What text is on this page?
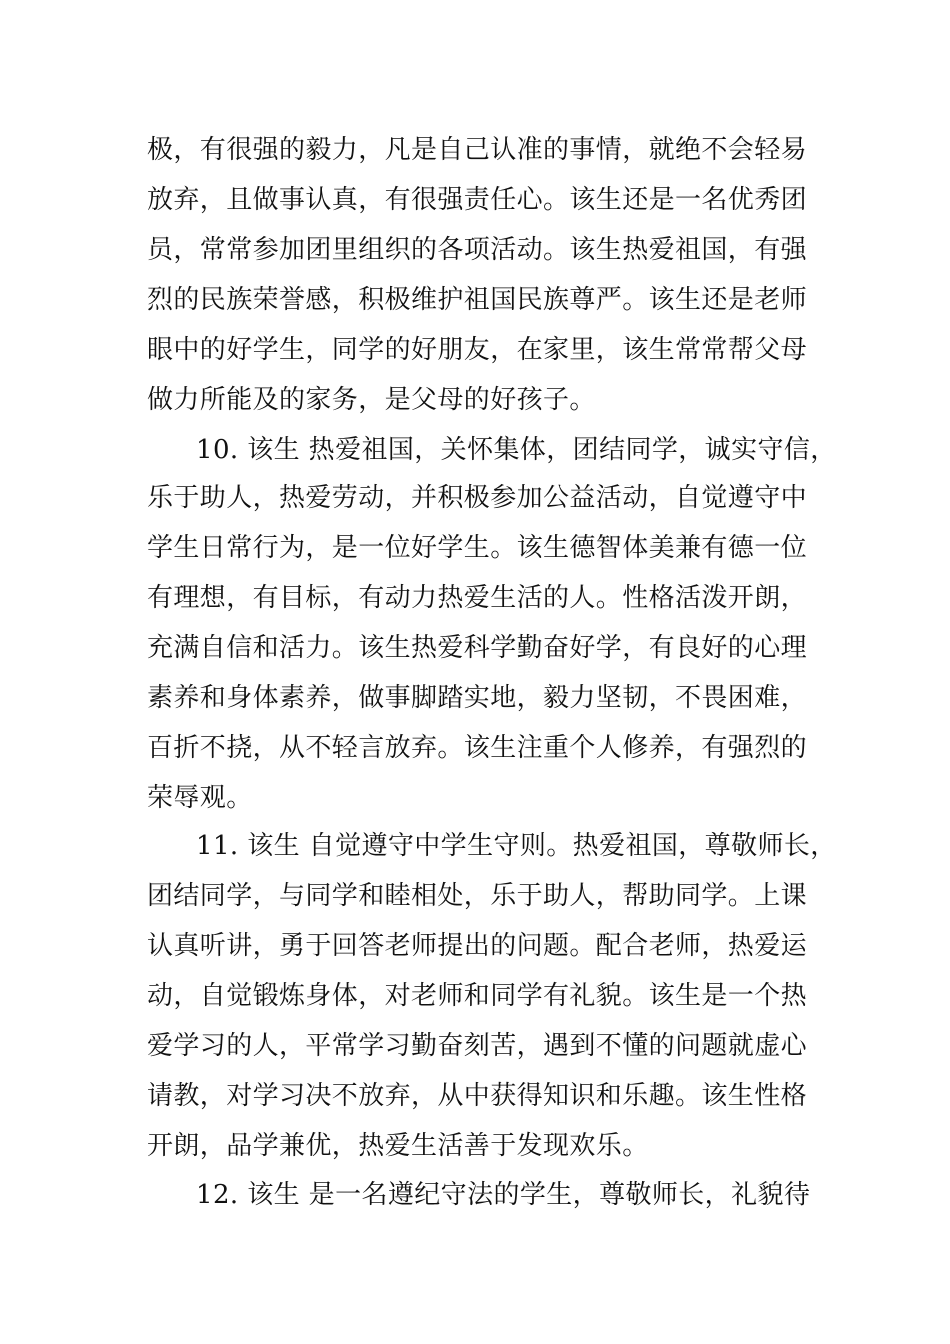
极，有很强的毅力，凡是自己认准的事情，就绝不会轻易

放弃，且做事认真，有很强责任心。该生还是一名优秀团

员，常常参加团里组织的各项活动。该生热爱祖国，有强

烈的民族荣誉感，积极维护祖国民族尊严。该生还是老师

眼中的好学生，同学的好朋友，在家里，该生常常帮父母

做力所能及的家务，是父母的好孩子。

10. 该生 热爱祖国，关怀集体，团结同学，诚实守信，

乐于助人，热爱劳动，并积极参加公益活动，自觉遵守中

学生日常行为，是一位好学生。该生德智体美兼有德一位

有理想，有目标，有动力热爱生活的人。性格活泼开朗，

充满自信和活力。该生热爱科学勤奋好学，有良好的心理

素养和身体素养，做事脚踏实地，毅力坚韧，不畏困难，

百折不挠，从不轻言放弃。该生注重个人修养，有强烈的

荣辱观。

11. 该生 自觉遵守中学生守则。热爱祖国，尊敬师长，

团结同学，与同学和睦相处，乐于助人，帮助同学。上课

认真听讲，勇于回答老师提出的问题。配合老师，热爱运

动，自觉锻炼身体，对老师和同学有礼貌。该生是一个热

爱学习的人，平常学习勤奋刻苦，遇到不懂的问题就虚心

请教，对学习决不放弃，从中获得知识和乐趣。该生性格

开朗，品学兼优，热爱生活善于发现欢乐。

12. 该生 是一名遵纪守法的学生，尊敬师长，礼貌待
